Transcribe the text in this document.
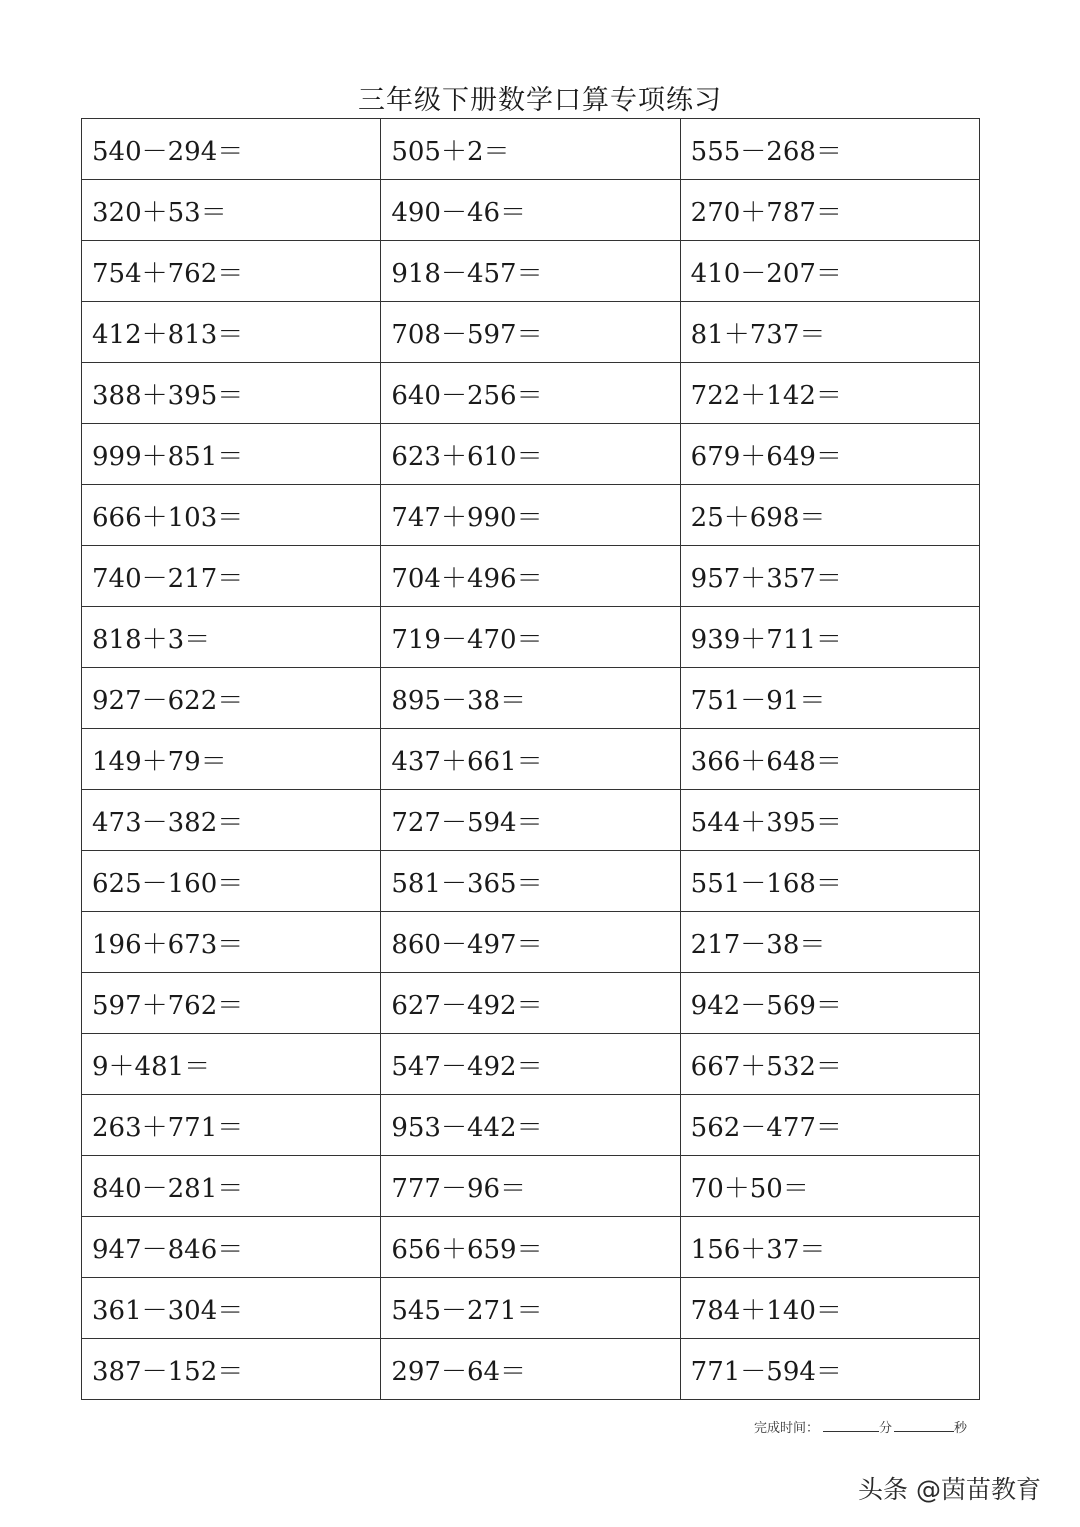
三年级下册数学口算专项练习
540－294＝	505＋2＝	555－268＝
320＋53＝	490－46＝	270＋787＝
754＋762＝	918－457＝	410－207＝
412＋813＝	708－597＝	81＋737＝
388＋395＝	640－256＝	722＋142＝
999＋851＝	623＋610＝	679＋649＝
666＋103＝	747＋990＝	25＋698＝
740－217＝	704＋496＝	957＋357＝
818＋3＝	719－470＝	939＋711＝
927－622＝	895－38＝	751－91＝
149＋79＝	437＋661＝	366＋648＝
473－382＝	727－594＝	544＋395＝
625－160＝	581－365＝	551－168＝
196＋673＝	860－497＝	217－38＝
597＋762＝	627－492＝	942－569＝
9＋481＝	547－492＝	667＋532＝
263＋771＝	953－442＝	562－477＝
840－281＝	777－96＝	70＋50＝
947－846＝	656＋659＝	156＋37＝
361－304＝	545－271＝	784＋140＝
387－152＝	297－64＝	771－594＝
完成时间：	分	秒
头条 @茵苗教育
